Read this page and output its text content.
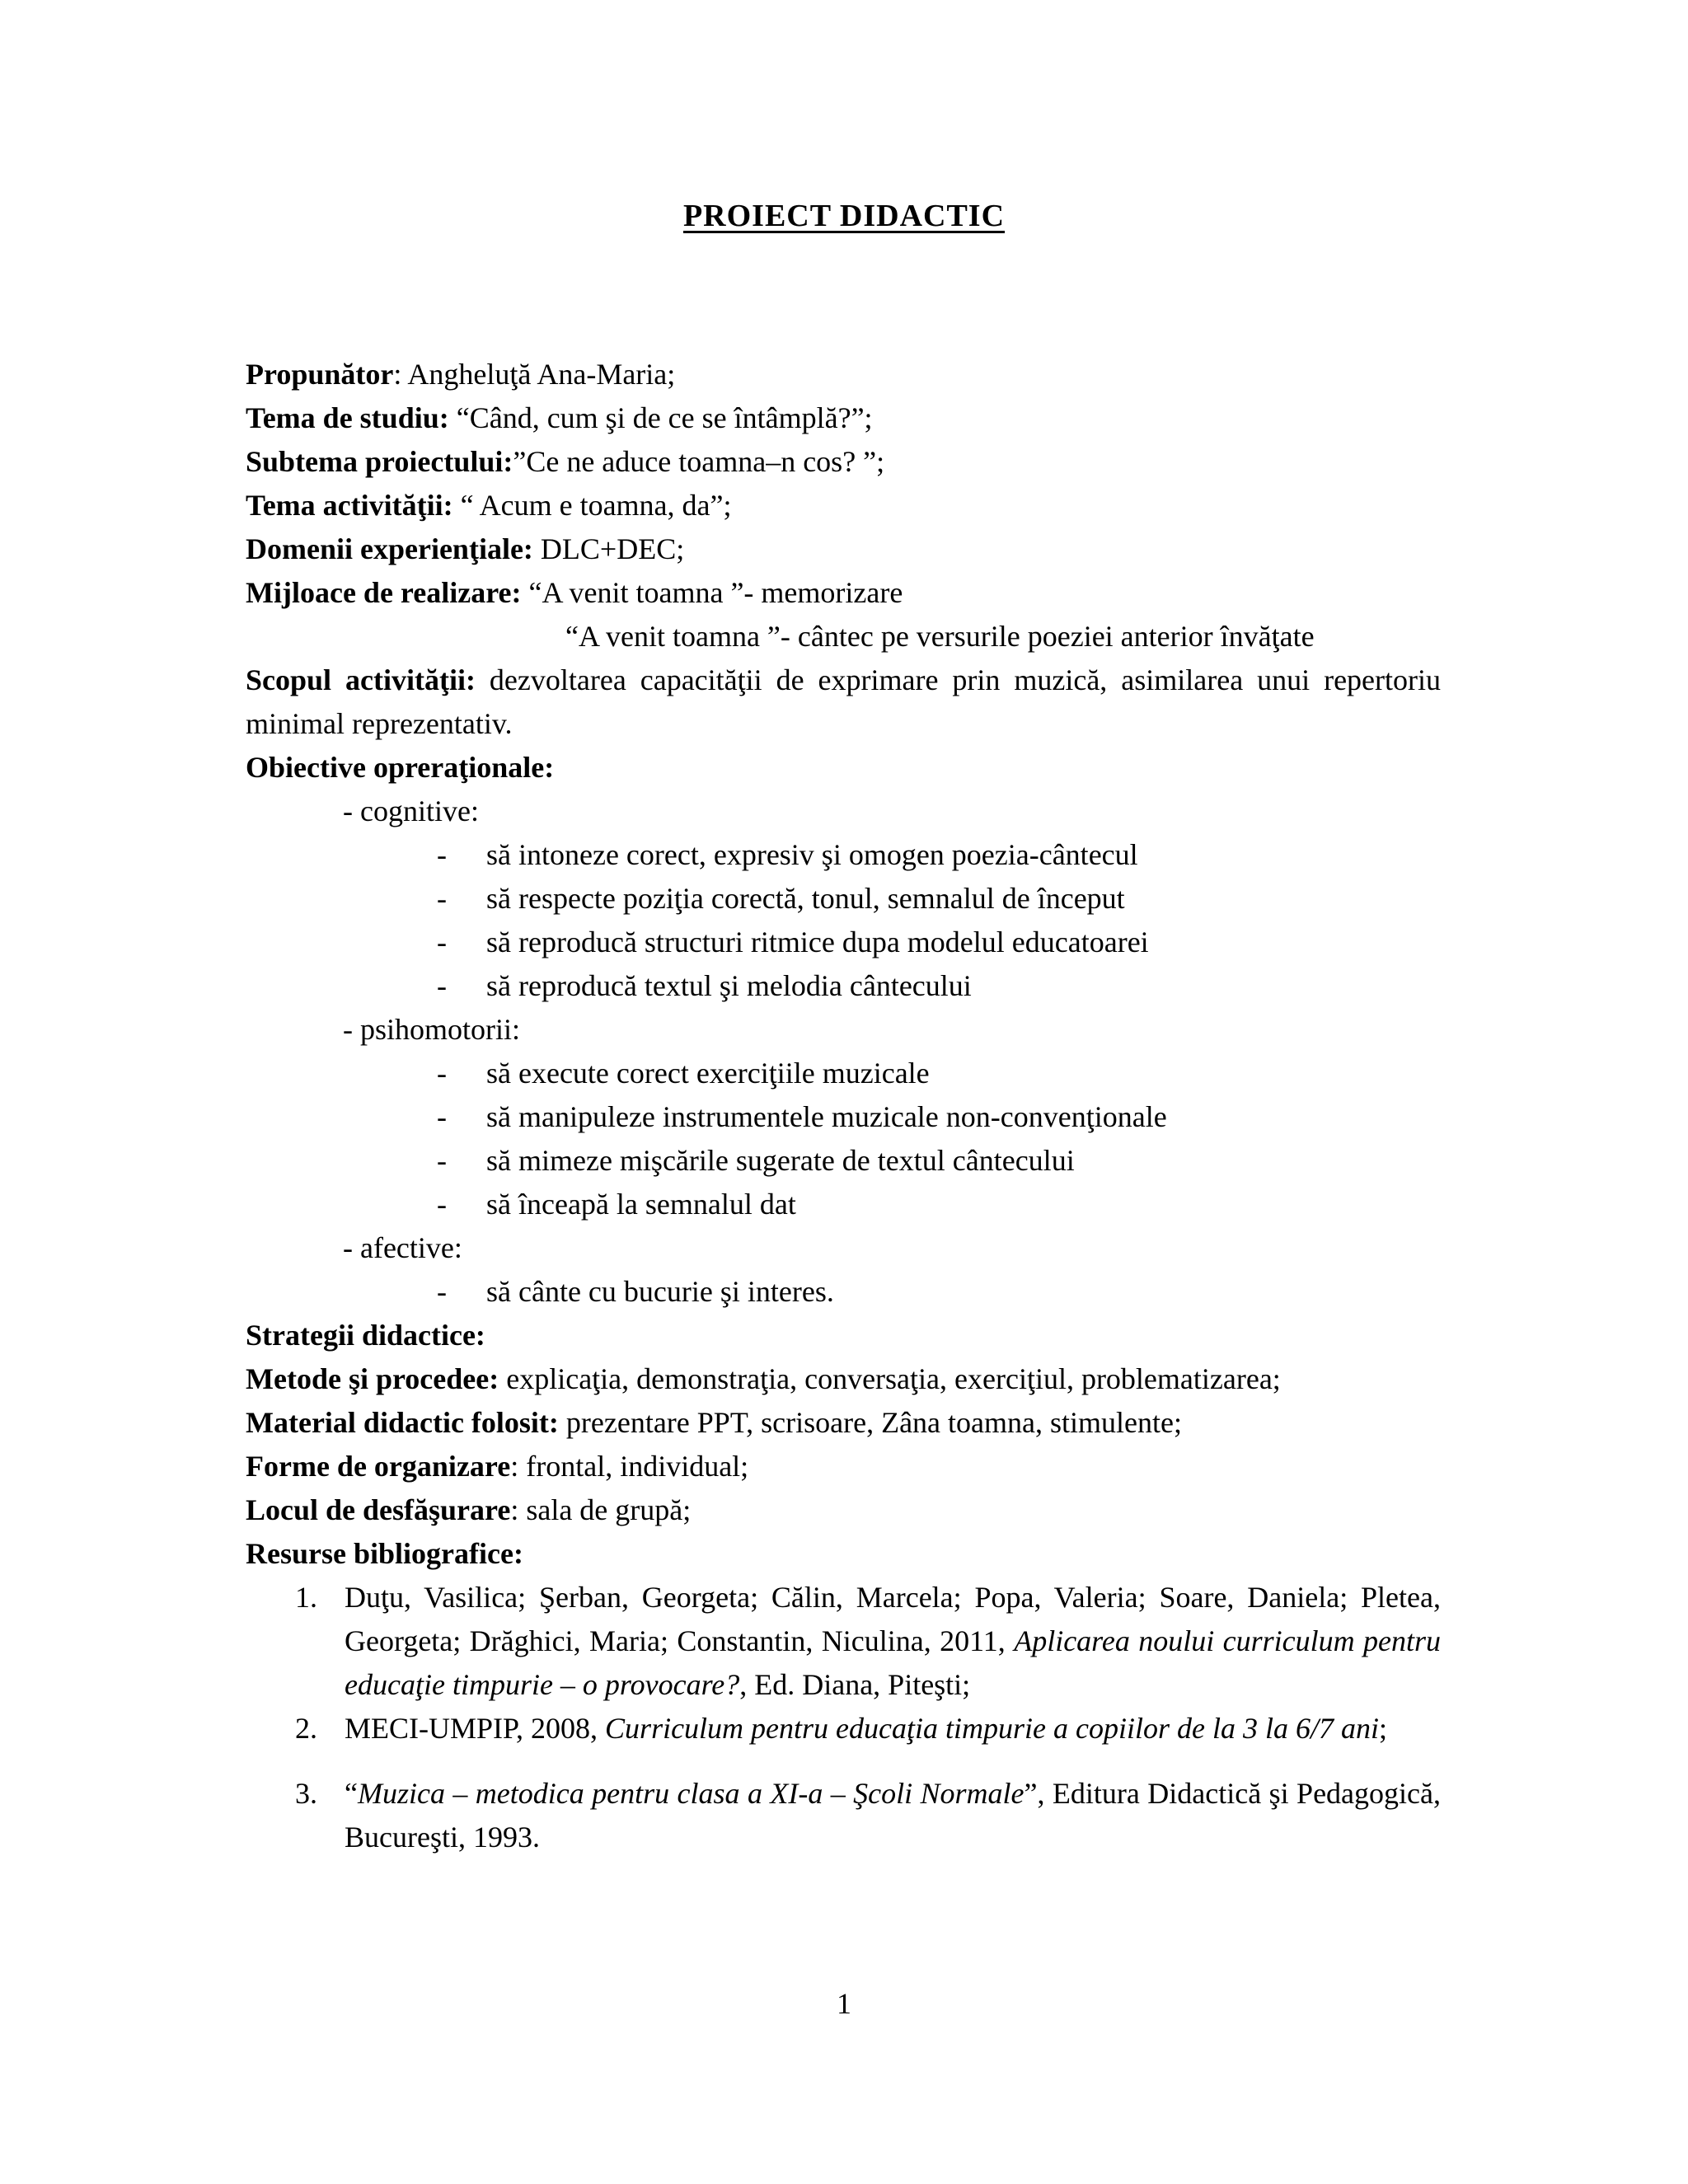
PROIECT DIDACTIC
Propunător: Angheluţă Ana-Maria;
Tema de studiu: “Când, cum şi de ce se întâmplă?”;
Subtema proiectului:”Ce ne aduce toamna–n cos? ”;
Tema activităţii: “ Acum e toamna, da”;
Domenii experienţiale: DLC+DEC;
Mijloace de realizare: “A venit toamna ”- memorizare
“A venit toamna ”- cântec pe versurile poeziei anterior învăţate
Scopul activităţii: dezvoltarea capacităţii de exprimare prin muzică, asimilarea unui repertoriu minimal reprezentativ.
Obiective opreraţionale:
- cognitive:
- să intoneze corect, expresiv şi omogen poezia-cântecul
- să respecte poziţia corectă, tonul, semnalul de început
- să reproducă structuri ritmice dupa modelul educatoarei
- să reproducă textul şi melodia cântecului
- psihomotorii:
- să execute corect exerciţiile muzicale
- să manipuleze instrumentele muzicale non-convenţionale
- să mimeze mişcările sugerate de textul cântecului
- să înceapă la semnalul dat
- afective:
- să cânte cu bucurie şi interes.
Strategii didactice:
Metode şi procedee: explicaţia, demonstraţia, conversaţia, exerciţiul, problematizarea;
Material didactic folosit: prezentare PPT, scrisoare, Zâna toamna, stimulente;
Forme de organizare: frontal, individual;
Locul de desfăşurare: sala de grupă;
Resurse bibliografice:
1. Duţu, Vasilica; Şerban, Georgeta; Călin, Marcela; Popa, Valeria; Soare, Daniela; Pletea, Georgeta; Drăghici, Maria; Constantin, Niculina, 2011, Aplicarea noului curriculum pentru educaţie timpurie – o provocare?, Ed. Diana, Piteşti;
2. MECI-UMPIP, 2008, Curriculum pentru educaţia timpurie a copiilor de la 3 la 6/7 ani;
3. “Muzica – metodica pentru clasa a XI-a – Şcoli Normale”, Editura Didactică şi Pedagogică, Bucureşti, 1993.
1
